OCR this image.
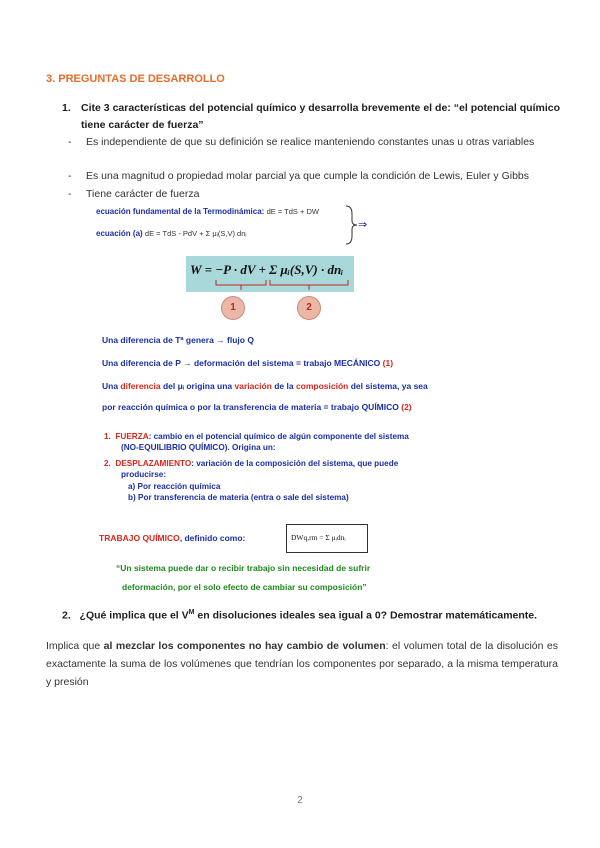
3. PREGUNTAS DE DESARROLLO
1. Cite 3 características del potencial químico y desarrolla brevemente el de: “el potencial químico tiene carácter de fuerza”
- Es independiente de que su definición se realice manteniendo constantes unas u otras variables
- Es una magnitud o propiedad molar parcial ya que cumple la condición de Lewis, Euler y Gibbs
- Tiene carácter de fuerza
ecuación fundamental de la Termodinámica: dE = TdS + DW
ecuación (a) dE = TdS - PdV + Σ μᵢ(S,V) dnᵢ
⇒
W = −P · dV + Σ μᵢ(S,V) · dnᵢ
1	2
Una diferencia de Tª genera → flujo Q
Una diferencia de P → deformación del sistema = trabajo MECÁNICO (1)
Una diferencia del μᵢ origina una variación de la composición del sistema, ya sea
por reacción química o por la transferencia de materia = trabajo QUÍMICO (2)
1. FUERZA: cambio en el potencial químico de algún componente del sistema
(NO-EQUILIBRIO QUÍMICO). Origina un:
2. DESPLAZAMIENTO: variación de la composición del sistema, que puede
producirse:
a) Por reacción química
b) Por transferencia de materia (entra o sale del sistema)
TRABAJO QUÍMICO, definido como:	DWq,rm = Σ μᵢdnᵢ
“Un sistema puede dar o recibir trabajo sin necesidad de sufrir
deformación, por el solo efecto de cambiar su composición”
2. ¿Qué implica que el $V^M$ en disoluciones ideales sea igual a 0? Demostrar matemáticamente.
Implica que al mezclar los componentes no hay cambio de volumen: el volumen total de la disolución es exactamente la suma de los volúmenes que tendrían los componentes por separado, a la misma temperatura y presión
2
